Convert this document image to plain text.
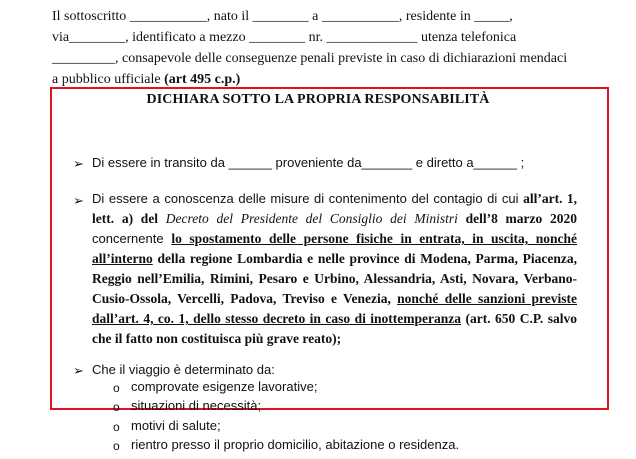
Il sottoscritto ___________, nato il ________ a ___________, residente in _____,
via________, identificato a mezzo ________ nr. _____________ utenza telefonica
_________, consapevole delle conseguenze penali previste in caso di dichiarazioni mendaci
a pubblico ufficiale (art 495 c.p.)
DICHIARA SOTTO LA PROPRIA RESPONSABILITÀ
➢ Di essere in transito da ______ proveniente da_______ e diretto a______ ;
➢ Di essere a conoscenza delle misure di contenimento del contagio di cui all’art. 1, lett. a) del Decreto del Presidente del Consiglio dei Ministri dell’8 marzo 2020 concernente lo spostamento delle persone fisiche in entrata, in uscita, nonché all’interno della regione Lombardia e nelle province di Modena, Parma, Piacenza, Reggio nell’Emilia, Rimini, Pesaro e Urbino, Alessandria, Asti, Novara, Verbano-Cusio-Ossola, Vercelli, Padova, Treviso e Venezia, nonché delle sanzioni previste dall’art. 4, co. 1, dello stesso decreto in caso di inottemperanza (art. 650 C.P. salvo che il fatto non costituisca più grave reato);
➢ Che il viaggio è determinato da:
o comprovate esigenze lavorative;
o situazioni di necessità;
o motivi di salute;
o rientro presso il proprio domicilio, abitazione o residenza.
